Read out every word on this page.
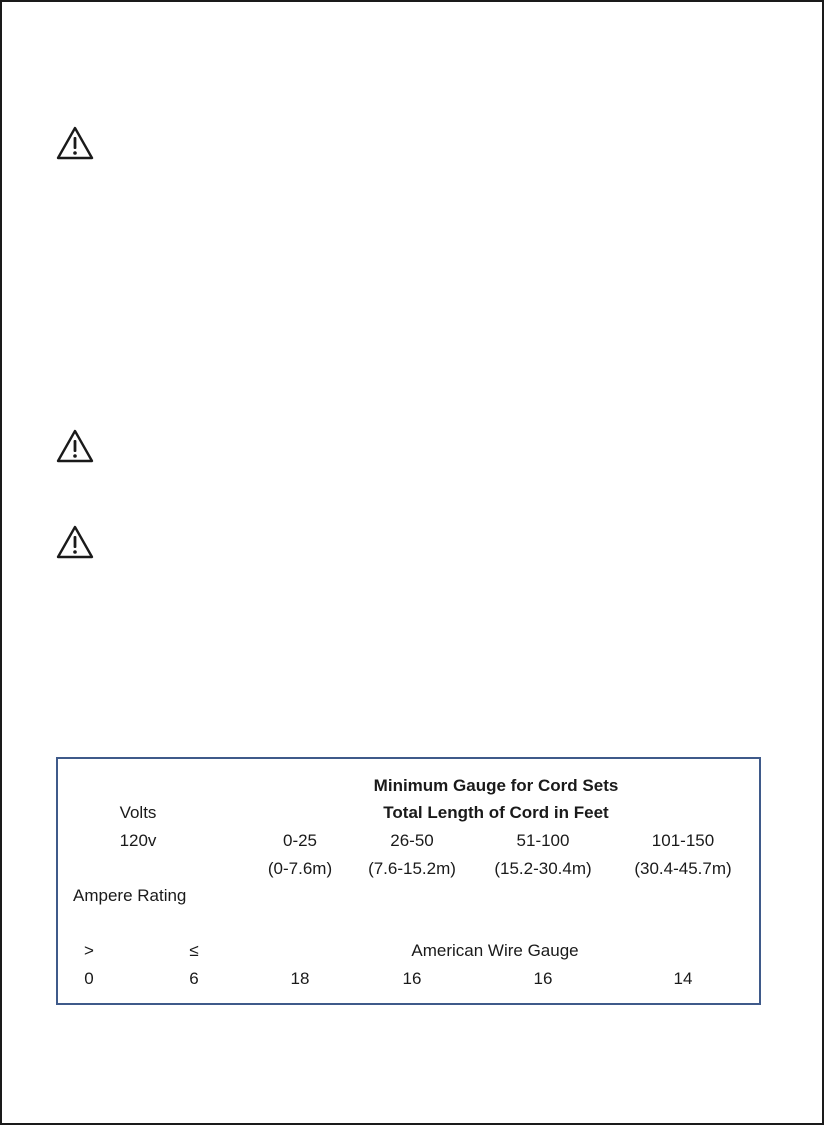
Minimum Gauge for Cord Sets
Volts	Total Length of Cord in Feet
120v	0-25	26-50	51-100	101-150
(0-7.6m) (7.6-15.2m) (15.2-30.4m)	(30.4-45.7m)
Ampere Rating
>	≤	American Wire Gauge
0	6	18	16	16	14
